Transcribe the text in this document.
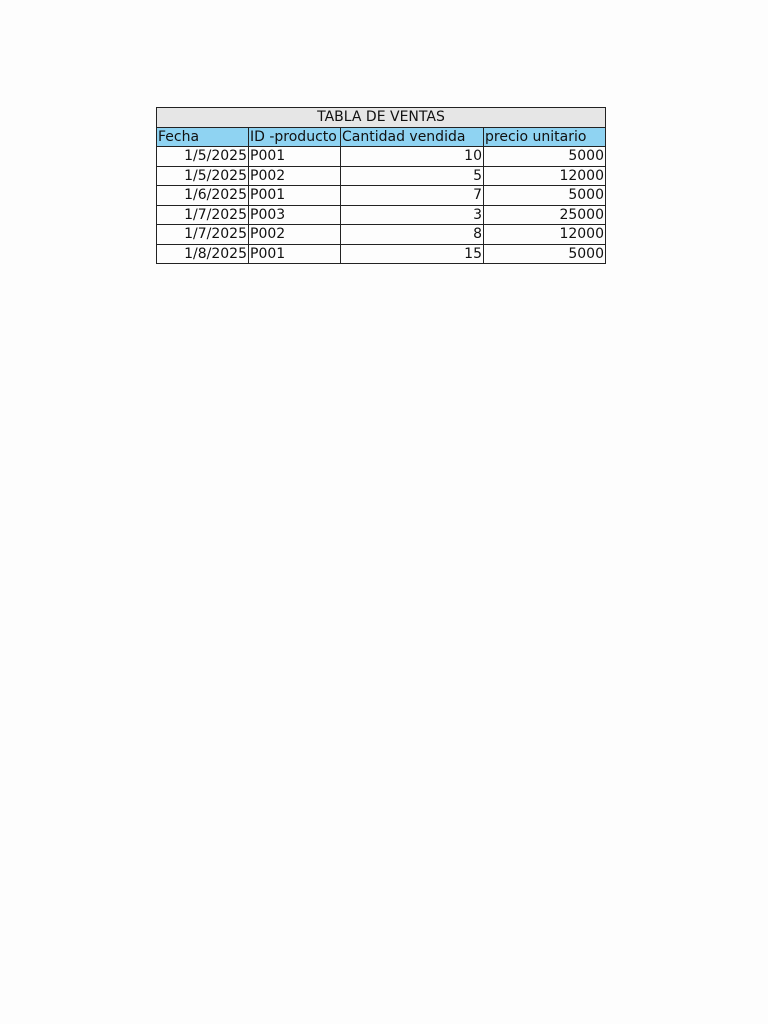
TABLA DE VENTAS			
Fecha	ID -producto	Cantidad vendida	precio unitario
1/5/2025	P001	10	5000
1/5/2025	P002	5	12000
1/6/2025	P001	7	5000
1/7/2025	P003	3	25000
1/7/2025	P002	8	12000
1/8/2025	P001	15	5000
